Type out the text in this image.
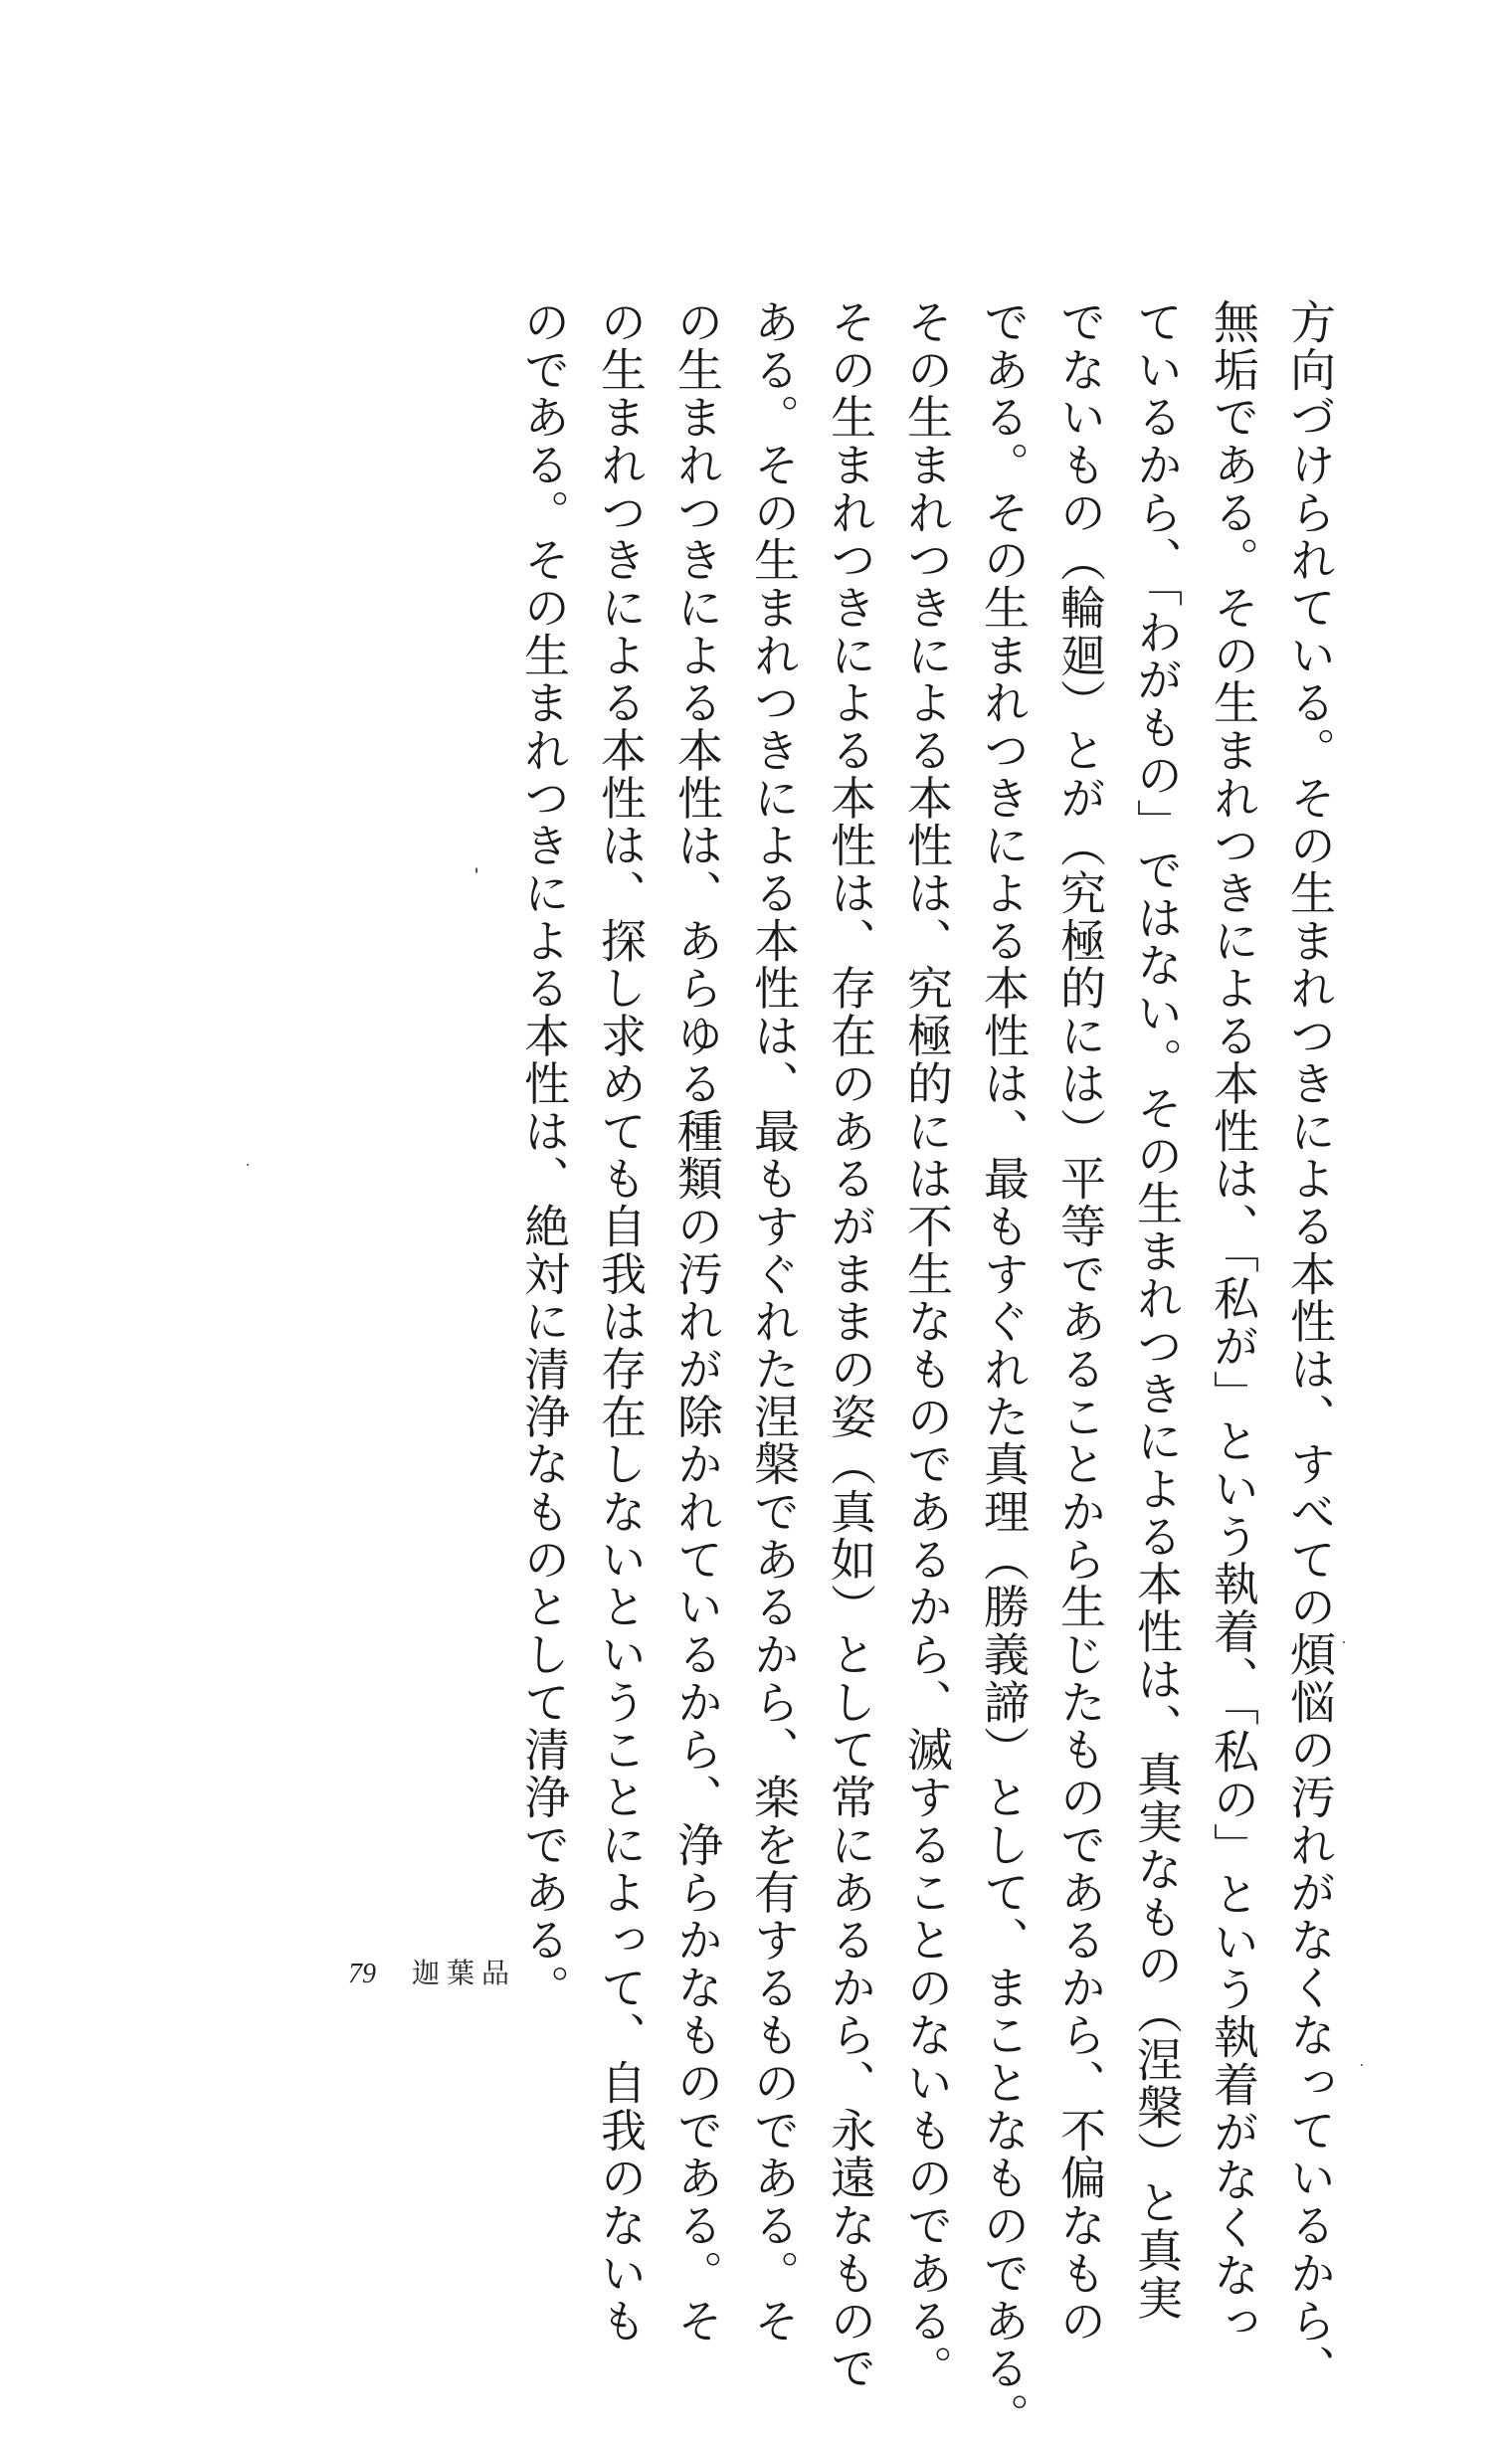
方向づけられている。その生まれつきによる本性は、すべての煩悩の汚れがなくなっているから、
無垢である。その生まれつきによる本性は、「私が」という執着、「私の」という執着がなくなっ
ているから、「わがもの」ではない。その生まれつきによる本性は、真実なもの（涅槃）と真実
でないもの（輪廻）とが（究極的には）平等であることから生じたものであるから、不偏なもの
である。その生まれつきによる本性は、最もすぐれた真理（勝義諦）として、まことなものである。
その生まれつきによる本性は、究極的には不生なものであるから、滅することのないものである。
その生まれつきによる本性は、存在のあるがままの姿（真如）として常にあるから、永遠なもので
ある。その生まれつきによる本性は、最もすぐれた涅槃であるから、楽を有するものである。そ
の生まれつきによる本性は、あらゆる種類の汚れが除かれているから、浄らかなものである。そ
の生まれつきによる本性は、探し求めても自我は存在しないということによって、自我のないも
のである。その生まれつきによる本性は、絶対に清浄なものとして清浄である。
79 迦葉品
